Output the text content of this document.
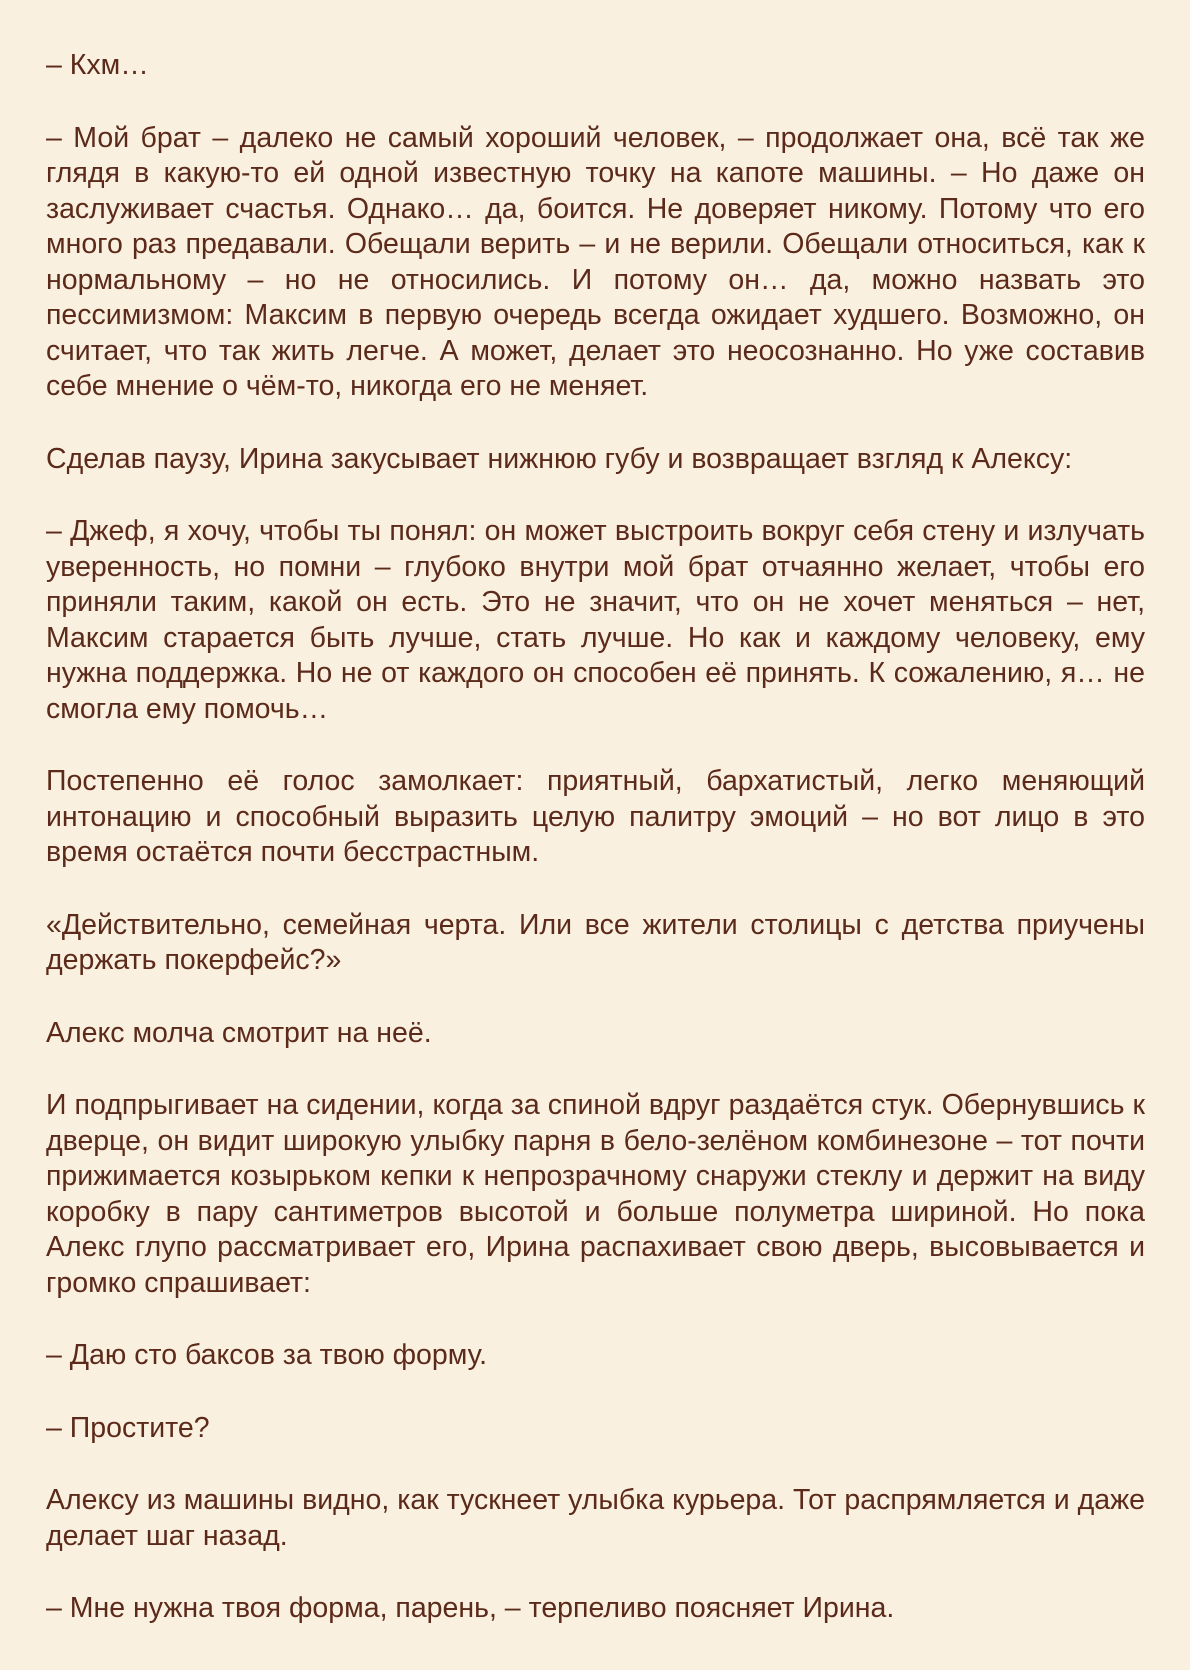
– Кхм…

– Мой брат – далеко не самый хороший человек, – продолжает она, всё так же глядя в какую-то ей одной известную точку на капоте машины. – Но даже он заслуживает счастья. Однако… да, боится. Не доверяет никому. Потому что его много раз предавали. Обещали верить – и не верили. Обещали относиться, как к нормальному – но не относились. И потому он… да, можно назвать это пессимизмом: Максим в первую очередь всегда ожидает худшего. Возможно, он считает, что так жить легче. А может, делает это неосознанно. Но уже составив себе мнение о чём-то, никогда его не меняет.

Сделав паузу, Ирина закусывает нижнюю губу и возвращает взгляд к Алексу:

– Джеф, я хочу, чтобы ты понял: он может выстроить вокруг себя стену и излучать уверенность, но помни – глубоко внутри мой брат отчаянно желает, чтобы его приняли таким, какой он есть. Это не значит, что он не хочет меняться – нет, Максим старается быть лучше, стать лучше. Но как и каждому человеку, ему нужна поддержка. Но не от каждого он способен её принять. К сожалению, я… не смогла ему помочь…

Постепенно её голос замолкает: приятный, бархатистый, легко меняющий интонацию и способный выразить целую палитру эмоций – но вот лицо в это время остаётся почти бесстрастным.

«Действительно, семейная черта. Или все жители столицы с детства приучены держать покерфейс?»

Алекс молча смотрит на неё.

И подпрыгивает на сидении, когда за спиной вдруг раздаётся стук. Обернувшись к дверце, он видит широкую улыбку парня в бело-зелёном комбинезоне – тот почти прижимается козырьком кепки к непрозрачному снаружи стеклу и держит на виду коробку в пару сантиметров высотой и больше полуметра шириной. Но пока Алекс глупо рассматривает его, Ирина распахивает свою дверь, высовывается и громко спрашивает:

– Даю сто баксов за твою форму.

– Простите?

Алексу из машины видно, как тускнеет улыбка курьера. Тот распрямляется и даже делает шаг назад.

– Мне нужна твоя форма, парень, – терпеливо поясняет Ирина.
